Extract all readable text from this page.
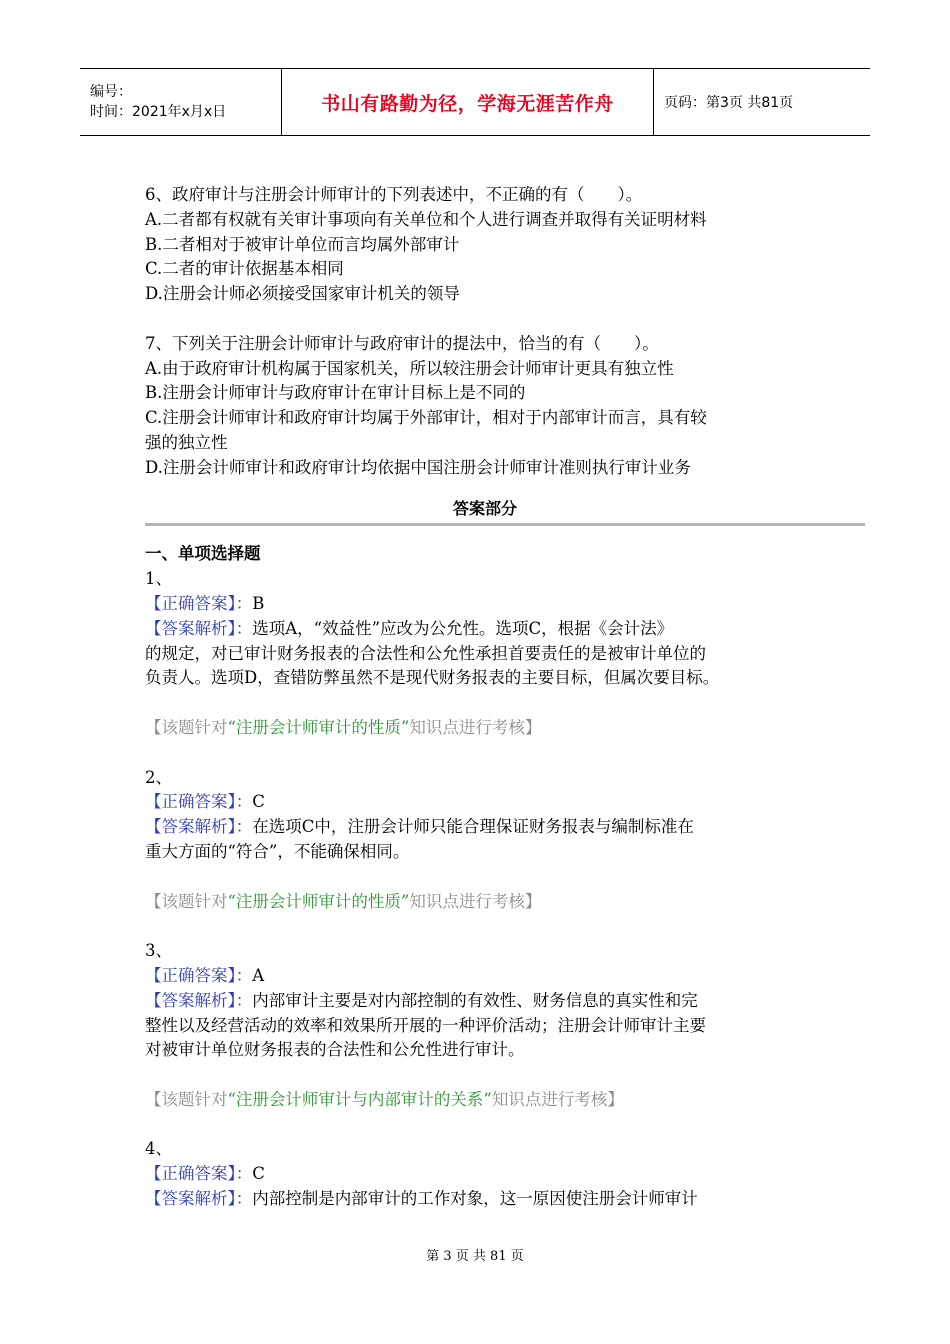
编号：
时间：2021年x月x日	书山有路勤为径，学海无涯苦作舟	页码：第3页 共81页
6、政府审计与注册会计师审计的下列表述中，不正确的有（　　）。
A.二者都有权就有关审计事项向有关单位和个人进行调查并取得有关证明材料
B.二者相对于被审计单位而言均属外部审计
C.二者的审计依据基本相同
D.注册会计师必须接受国家审计机关的领导
7、下列关于注册会计师审计与政府审计的提法中，恰当的有（　　）。
A.由于政府审计机构属于国家机关，所以较注册会计师审计更具有独立性
B.注册会计师审计与政府审计在审计目标上是不同的
C.注册会计师审计和政府审计均属于外部审计，相对于内部审计而言，具有较
强的独立性
D.注册会计师审计和政府审计均依据中国注册会计师审计准则执行审计业务
答案部分
一、单项选择题
1、
【正确答案】：B
【答案解析】：选项A，“效益性”应改为公允性。选项C，根据《会计法》
的规定，对已审计财务报表的合法性和公允性承担首要责任的是被审计单位的
负责人。选项D，查错防弊虽然不是现代财务报表的主要目标，但属次要目标。
【该题针对“注册会计师审计的性质”知识点进行考核】
2、
【正确答案】：C
【答案解析】：在选项C中，注册会计师只能合理保证财务报表与编制标准在
重大方面的“符合”，不能确保相同。
【该题针对“注册会计师审计的性质”知识点进行考核】
3、
【正确答案】：A
【答案解析】：内部审计主要是对内部控制的有效性、财务信息的真实性和完
整性以及经营活动的效率和效果所开展的一种评价活动；注册会计师审计主要
对被审计单位财务报表的合法性和公允性进行审计。
【该题针对“注册会计师审计与内部审计的关系”知识点进行考核】
4、
【正确答案】：C
【答案解析】：内部控制是内部审计的工作对象，这一原因使注册会计师审计
第 3 页 共 81 页
